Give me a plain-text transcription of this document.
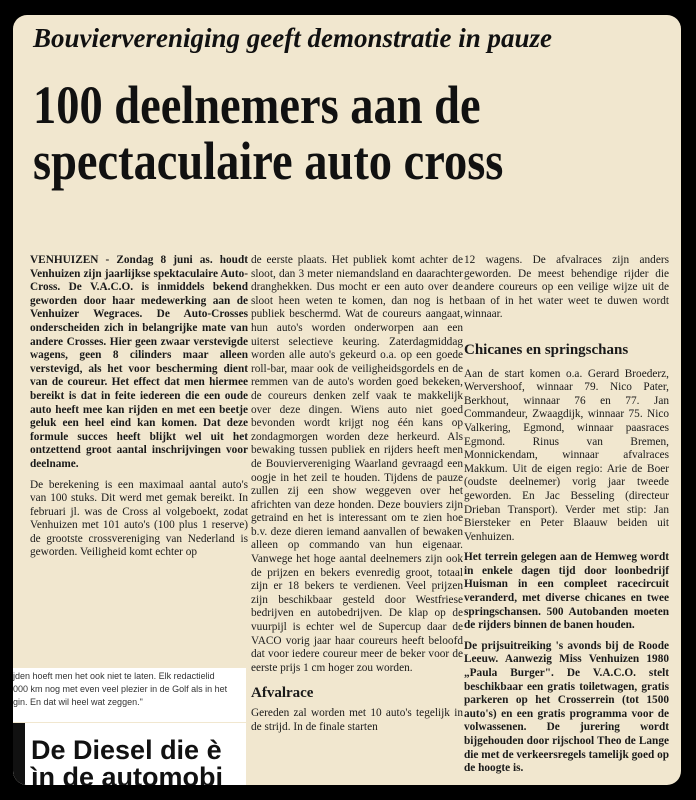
Bouviervereniging geeft demonstratie in pauze
100 deelnemers aan de
spectaculaire auto cross

VENHUIZEN - Zondag 8 juni as. houdt Venhuizen zijn jaarlijkse spektaculaire Auto-Cross. De V.A.C.O. is inmiddels bekend geworden door haar medewerking aan de Venhuizer Wegraces. De Auto-Crosses onderscheiden zich in belangrijke mate van andere Crosses. Hier geen zwaar verstevigde wagens, geen 8 cilinders maar alleen verstevigd, als het voor bescherming dient van de coureur. Het effect dat men hiermee bereikt is dat in feite iedereen die een oude auto heeft mee kan rijden en met een beetje geluk een heel eind kan komen. Dat deze formule succes heeft blijkt wel uit het ontzettend groot aantal inschrijvingen voor deelname.

De berekening is een maximaal aantal auto's van 100 stuks. Dit werd met gemak bereikt. In februari jl. was de Cross al volgeboekt, zodat Venhuizen met 101 auto's (100 plus 1 reserve) de grootste crossvereniging van Nederland is geworden. Veiligheid komt echter op

de eerste plaats. Het publiek komt achter de sloot, dan 3 meter niemandsland en daarachter dranghekken. Dus mocht er een auto over de sloot heen weten te komen, dan nog is het publiek beschermd. Wat de coureurs aangaat, hun auto's worden onderworpen aan een uiterst selectieve keuring. Zaterdagmiddag worden alle auto's gekeurd o.a. op een goede roll-bar, maar ook de veiligheidsgordels en de remmen van de auto's worden goed bekeken, de coureurs denken zelf vaak te makkelijk over deze dingen. Wiens auto niet goed bevonden wordt krijgt nog één kans op zondagmorgen worden deze herkeurd. Als bewaking tussen publiek en rijders heeft men de Bouviervereniging Waarland gevraagd een oogje in het zeil te houden. Tijdens de pauze zullen zij een show weggeven over het africhten van deze honden. Deze bouviers zijn getraind en het is interessant om te zien hoe b.v. deze dieren iemand aanvallen of bewaken alleen op commando van hun eigenaar. Vanwege het hoge aantal deelnemers zijn ook de prijzen en bekers evenredig groot, totaal zijn er 18 bekers te verdienen. Veel prijzen zijn beschikbaar gesteld door Westfriese bedrijven en autobedrijven. De klap op de vuurpijl is echter wel de Supercup daar de VACO vorig jaar haar coureurs heeft beloofd dat voor iedere coureur meer de beker voor de eerste prijs 1 cm hoger zou worden.

Afvalrace

Gereden zal worden met 10 auto's tegelijk in de strijd. In de finale starten

12 wagens. De afvalraces zijn anders geworden. De meest behendige rijder die andere coureurs op een veilige wijze uit de baan of in het water weet te duwen wordt winnaar.

Chicanes en springschans

Aan de start komen o.a. Gerard Broederz, Wervershoof, winnaar 79. Nico Pater, Berkhout, winnaar 76 en 77. Jan Commandeur, Zwaagdijk, winnaar 75. Nico Valkering, Egmond, winnaar paasraces Egmond. Rinus van Bremen, Monnickendam, winnaar afvalraces Makkum. Uit de eigen regio: Arie de Boer (oudste deelnemer) vorig jaar tweede geworden. En Jac Besseling (directeur Drieban Transport). Verder met stip: Jan Biersteker en Peter Blaauw beiden uit Venhuizen.

Het terrein gelegen aan de Hemweg wordt in enkele dagen tijd door loonbedrijf Huisman in een compleet racecircuit veranderd, met diverse chicanes en twee springschansen. 500 Autobanden moeten de rijders binnen de banen houden.

De prijsuitreiking 's avonds bij de Roode Leeuw. Aanwezig Miss Venhuizen 1980 „Paula Burger". De V.A.C.O. stelt beschikbaar een gratis toiletwagen, gratis parkeren op het Crosserrein (tot 1500 auto's) en een gratis programma voor de volwassenen. De jurering wordt bijgehouden door rijschool Theo de Lange die met de verkeersregels tamelijk goed op de hoogte is.

jden hoeft men het ook niet te laten. Elk redactielid
000 km nog met even veel plezier in de Golf als in het
gin. En dat wil heel wat zeggen."
De Diesel die è
ìn de automobi
